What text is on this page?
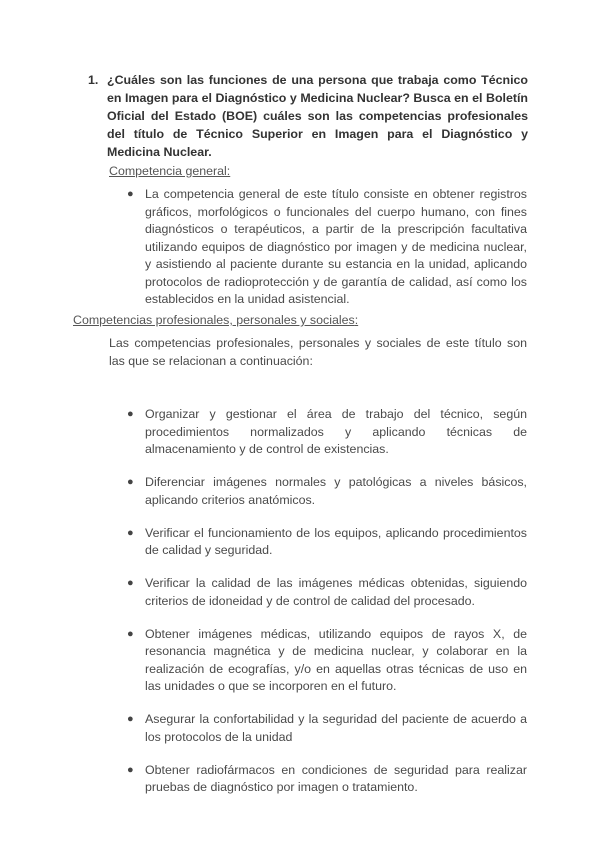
1. ¿Cuáles son las funciones de una persona que trabaja como Técnico en Imagen para el Diagnóstico y Medicina Nuclear? Busca en el Boletín Oficial del Estado (BOE) cuáles son las competencias profesionales del título de Técnico Superior en Imagen para el Diagnóstico y Medicina Nuclear.
Competencia general:
● La competencia general de este título consiste en obtener registros gráficos, morfológicos o funcionales del cuerpo humano, con fines diagnósticos o terapéuticos, a partir de la prescripción facultativa utilizando equipos de diagnóstico por imagen y de medicina nuclear, y asistiendo al paciente durante su estancia en la unidad, aplicando protocolos de radioprotección y de garantía de calidad, así como los establecidos en la unidad asistencial.
Competencias profesionales, personales y sociales:
Las competencias profesionales, personales y sociales de este título son las que se relacionan a continuación:
● Organizar y gestionar el área de trabajo del técnico, según procedimientos normalizados y aplicando técnicas de almacenamiento y de control de existencias.
● Diferenciar imágenes normales y patológicas a niveles básicos, aplicando criterios anatómicos.
● Verificar el funcionamiento de los equipos, aplicando procedimientos de calidad y seguridad.
● Verificar la calidad de las imágenes médicas obtenidas, siguiendo criterios de idoneidad y de control de calidad del procesado.
● Obtener imágenes médicas, utilizando equipos de rayos X, de resonancia magnética y de medicina nuclear, y colaborar en la realización de ecografías, y/o en aquellas otras técnicas de uso en las unidades o que se incorporen en el futuro.
● Asegurar la confortabilidad y la seguridad del paciente de acuerdo a los protocolos de la unidad
● Obtener radiofármacos en condiciones de seguridad para realizar pruebas de diagnóstico por imagen o tratamiento.
